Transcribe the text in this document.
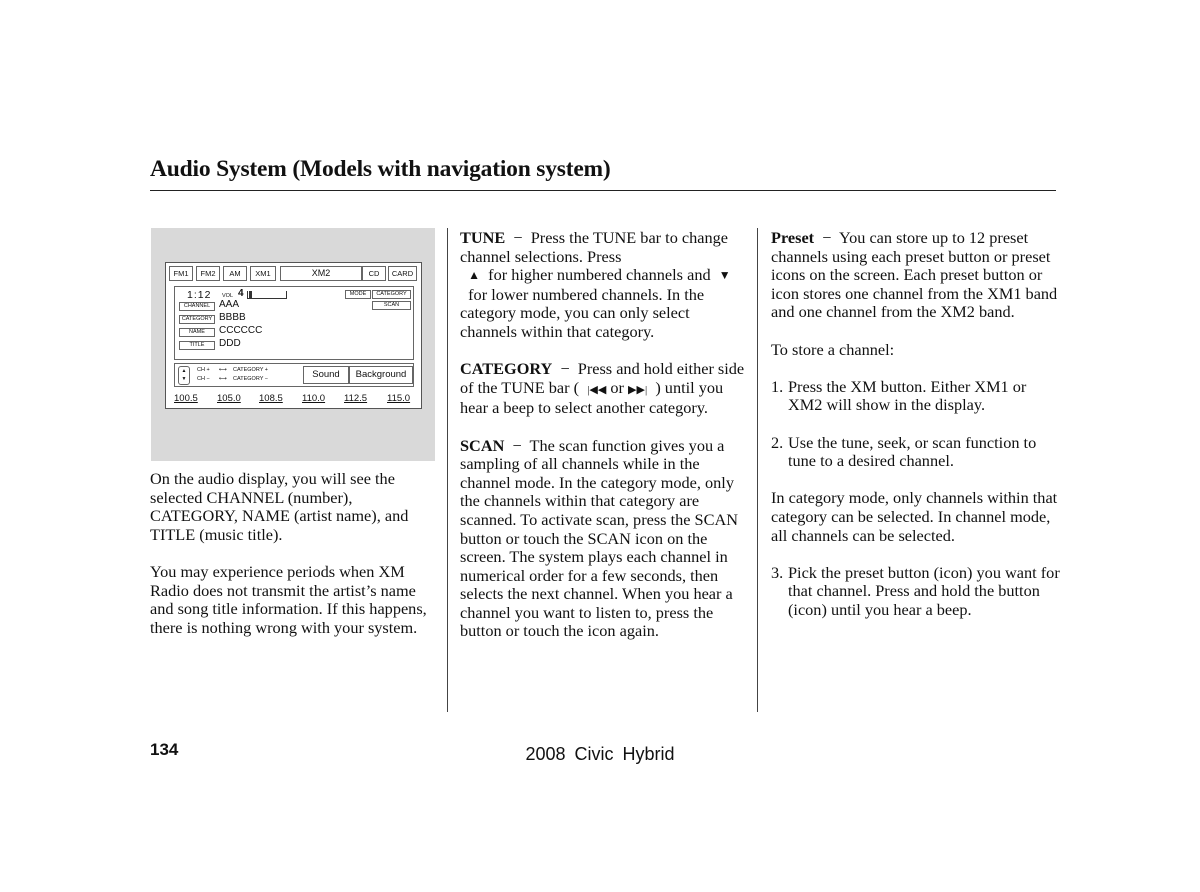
Audio System (Models with navigation system)
FM1	FM2	AM	XM1	XM2	CD	CARD
1:12 VOL 4	MODE	CATEGORY
SCAN
CHANNEL AAA
CATEGORY BBBB
NAME	CCCCCC
TITLE	DDD
▲
▼
CH +
CH −
⟷
⟷
CATEGORY +
CATEGORY −	Sound	Background
100.5 105.0 108.5 110.0 112.5 115.0

On the audio display, you will see the selected CHANNEL (number), CATEGORY, NAME (artist name), and TITLE (music title).

You may experience periods when XM Radio does not transmit the artist’s name and song title information. If this happens, there is nothing wrong with your system.

TUNE − Press the TUNE bar to change channel selections. Press
▲ for higher numbered channels and ▼  for lower numbered channels. In the category mode, you can only select channels within that category.

CATEGORY − Press and hold either side of the TUNE bar ( |◀◀ or ▶▶| ) until you hear a beep to select another category.

SCAN − The scan function gives you a sampling of all channels while in the channel mode. In the category mode, only the channels within that category are scanned. To activate scan, press the SCAN button or touch the SCAN icon on the screen. The system plays each channel in numerical order for a few seconds, then selects the next channel. When you hear a channel you want to listen to, press the button or touch the icon again.

Preset − You can store up to 12 preset channels using each preset button or preset icons on the screen. Each preset button or icon stores one channel from the XM1 band and one channel from the XM2 band.

To store a channel:

1. Press the XM button. Either XM1 or XM2 will show in the display.

2. Use the tune, seek, or scan function to tune to a desired channel.

In category mode, only channels within that category can be selected. In channel mode, all channels can be selected.

3. Pick the preset button (icon) you want for that channel. Press and hold the button (icon) until you hear a beep.

134	2008 Civic Hybrid
